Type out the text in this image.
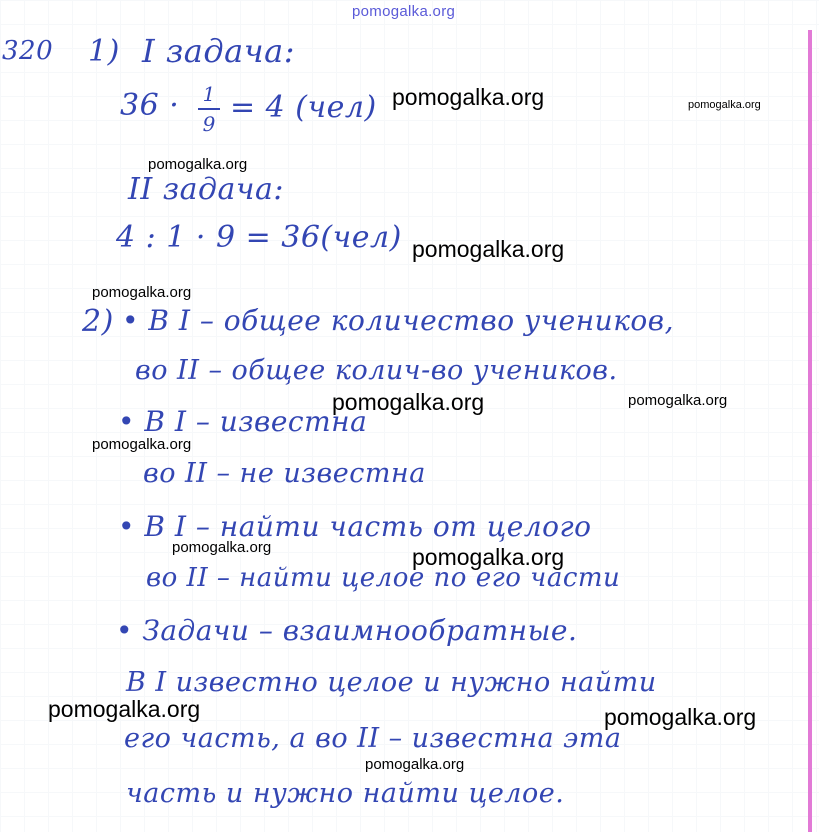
pomogalka.org
320 1) I задача:
36 · 1
9 = 4 (чел)
II задача:
4 : 1 · 9 = 36(чел)
2) • В I – общее количество учеников,
во II – общее колич-во учеников.
• В I – известна
во II – не известна
• В I – найти часть от целого
во II – найти целое по его части
• Задачи – взаимнообратные.
В I известно целое и нужно найти
его часть, а во II – известна эта
часть и нужно найти целое.
pomogalka.org	pomogalka.org
pomogalka.org
pomogalka.org
pomogalka.org
pomogalka.org	pomogalka.org
pomogalka.org
pomogalka.org	pomogalka.org
pomogalka.org	pomogalka.org
pomogalka.org
